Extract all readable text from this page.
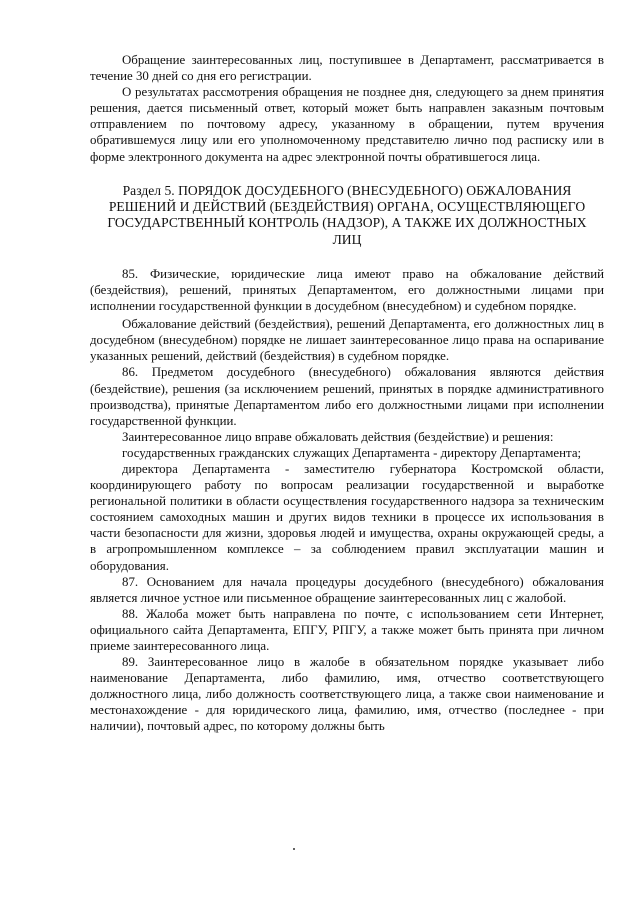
Обращение заинтересованных лиц, поступившее в Департамент, рассматривается в течение 30 дней со дня его регистрации.

О результатах рассмотрения обращения не позднее дня, следующего за днем принятия решения, дается письменный ответ, который может быть направлен заказным почтовым отправлением по почтовому адресу, указанному в обращении, путем вручения обратившемуся лицу или его уполномоченному представителю лично под расписку или в форме электронного документа на адрес электронной почты обратившегося лица.

Раздел 5. ПОРЯДОК ДОСУДЕБНОГО (ВНЕСУДЕБНОГО) ОБЖАЛОВАНИЯ РЕШЕНИЙ И ДЕЙСТВИЙ (БЕЗДЕЙСТВИЯ) ОРГАНА, ОСУЩЕСТВЛЯЮЩЕГО ГОСУДАРСТВЕННЫЙ КОНТРОЛЬ (НАДЗОР), А ТАКЖЕ ИХ ДОЛЖНОСТНЫХ ЛИЦ

85. Физические, юридические лица имеют право на обжалование действий (бездействия), решений, принятых Департаментом, его должностными лицами при исполнении государственной функции в досудебном (внесудебном) и судебном порядке.

Обжалование действий (бездействия), решений Департамента, его должностных лиц в досудебном (внесудебном) порядке не лишает заинтересованное лицо права на оспаривание указанных решений, действий (бездействия) в судебном порядке.

86. Предметом досудебного (внесудебного) обжалования являются действия (бездействие), решения (за исключением решений, принятых в порядке административного производства), принятые Департаментом либо его должностными лицами при исполнении государственной функции.

Заинтересованное лицо вправе обжаловать действия (бездействие) и решения:

государственных гражданских служащих Департамента - директору Департамента;

директора Департамента - заместителю губернатора Костромской области, координирующего работу по вопросам реализации государственной и выработке региональной политики в области осуществления государственного надзора за техническим состоянием самоходных машин и других видов техники в процессе их использования в части безопасности для жизни, здоровья людей и имущества, охраны окружающей среды, а в агропромышленном комплексе – за соблюдением правил эксплуатации машин и оборудования.

87. Основанием для начала процедуры досудебного (внесудебного) обжалования является личное устное или письменное обращение заинтересованных лиц с жалобой.

88. Жалоба может быть направлена по почте, с использованием сети Интернет, официального сайта Департамента, ЕПГУ, РПГУ, а также может быть принята при личном приеме заинтересованного лица.

89. Заинтересованное лицо в жалобе в обязательном порядке указывает либо наименование Департамента, либо фамилию, имя, отчество соответствующего должностного лица, либо должность соответствующего лица, а также свои наименование и местонахождение - для юридического лица, фамилию, имя, отчество (последнее - при наличии), почтовый адрес, по которому должны быть
